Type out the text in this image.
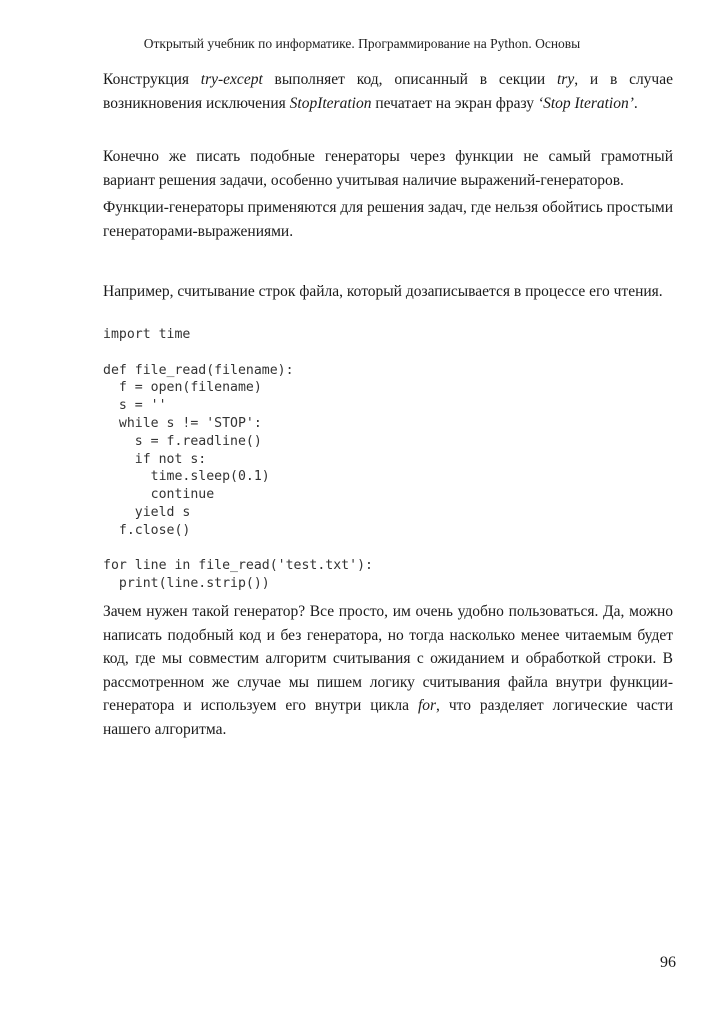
Открытый учебник по информатике. Программирование на Python. Основы

Конструкция try-except выполняет код, описанный в секции try, и в случае возникновения исключения StopIteration печатает на экран фразу ‘Stop Iteration’.

Конечно же писать подобные генераторы через функции не самый грамотный вариант решения задачи, особенно учитывая наличие выражений-генераторов.

Функции-генераторы применяются для решения задач, где нельзя обойтись простыми генераторами-выражениями.

Например, считывание строк файла, который дозаписывается в процессе его чтения.

import time
def file_read(filename):
f = open(filename)
s = ''
while s != 'STOP':
s = f.readline()
if not s:
time.sleep(0.1)
continue
yield s
f.close()
for line in file_read('test.txt'):
print(line.strip())

Зачем нужен такой генератор? Все просто, им очень удобно пользоваться. Да, можно написать подобный код и без генератора, но тогда насколько менее читаемым будет код, где мы совместим алгоритм считывания с ожиданием и обработкой строки. В рассмотренном же случае мы пишем логику считывания файла внутри функции-генератора и используем его внутри цикла for, что разделяет логические части нашего алгоритма.

96
